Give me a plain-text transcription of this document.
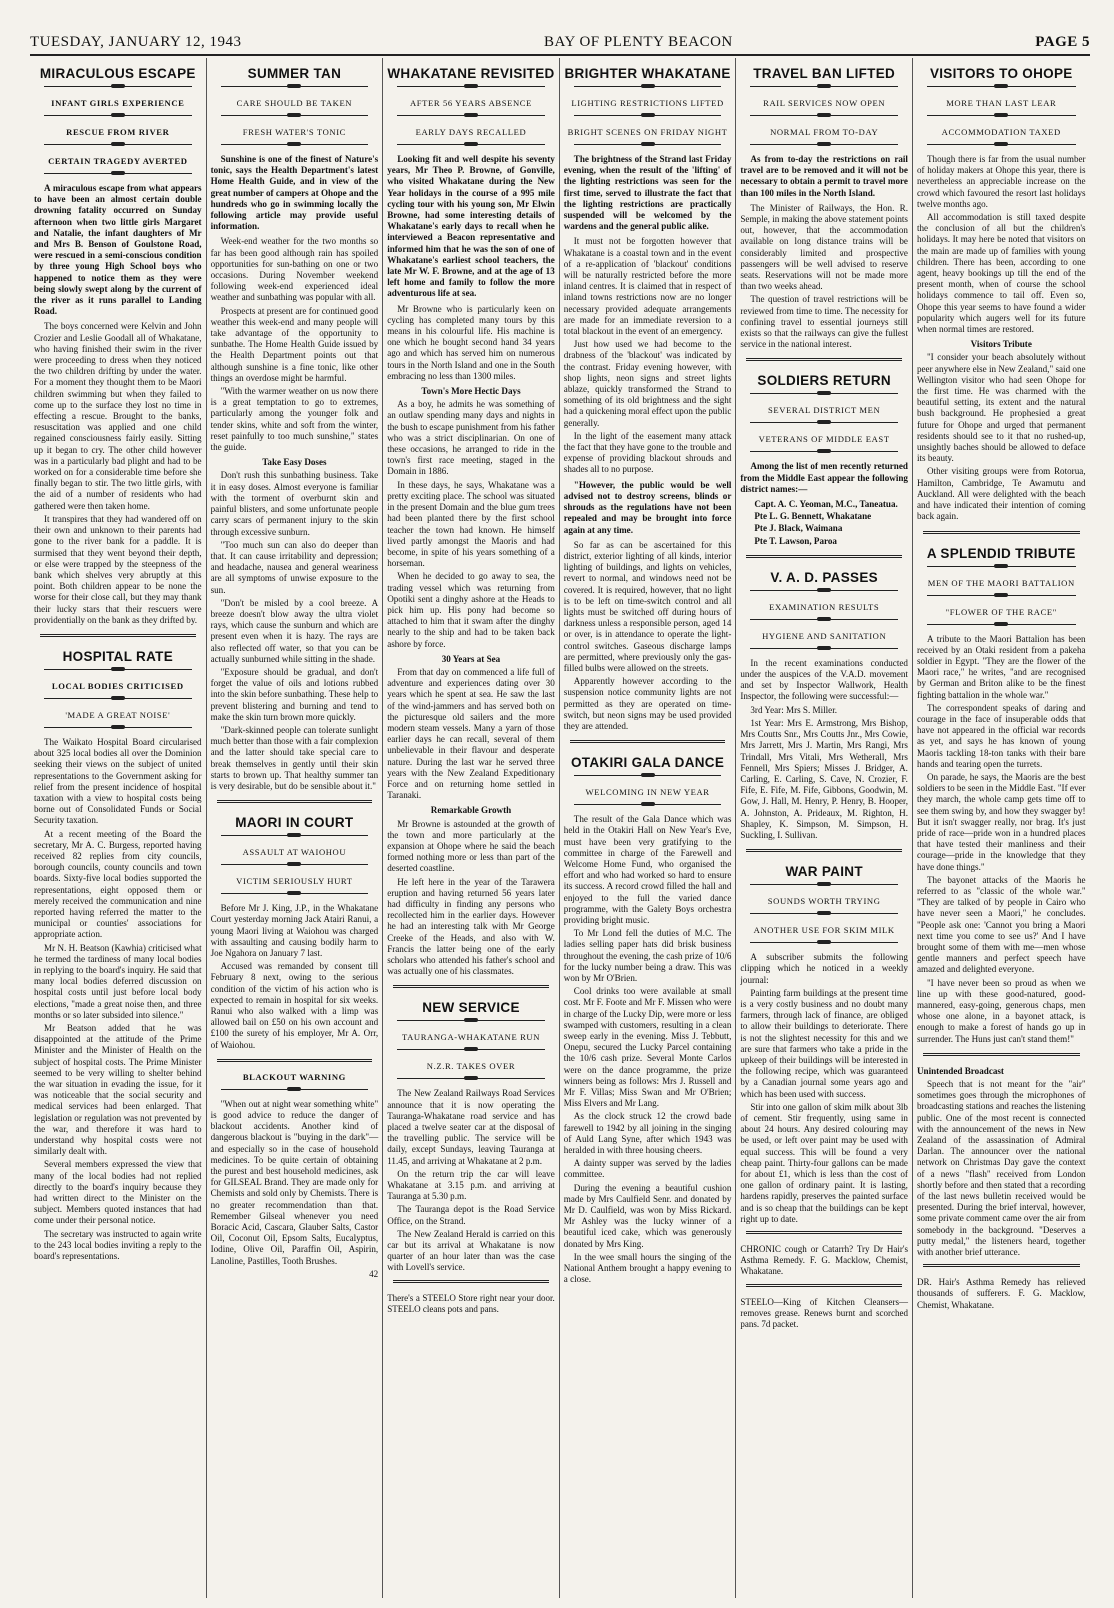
TUESDAY, JANUARY 12, 1943	BAY OF PLENTY BEACON	PAGE 5
MIRACULOUS ESCAPE
INFANT GIRLS EXPERIENCE
RESCUE FROM RIVER
CERTAIN TRAGEDY AVERTED
A miraculous escape from what appears to have been an almost certain double drowning fatality occurred on Sunday afternoon when two little girls Margaret and Natalie, the infant daughters of Mr and Mrs B. Benson of Goulstone Road, were rescued in a semi-conscious condition by three young High School boys who happened to notice them as they were being slowly swept along by the current of the river as it runs parallel to Landing Road.
The boys concerned were Kelvin and John Crozier and Leslie Goodall all of Whakatane, who having finished their swim in the river were proceeding to dress when they noticed the two children drifting by under the water. For a moment they thought them to be Maori children swimming but when they failed to come up to the surface they lost no time in effecting a rescue. Brought to the banks, resuscitation was applied and one child regained consciousness fairly easily. Sitting up it began to cry. The other child however was in a particularly bad plight and had to be worked on for a considerable time before she finally began to stir. The two little girls, with the aid of a number of residents who had gathered were then taken home.
It transpires that they had wandered off on their own and unknown to their parents had gone to the river bank for a paddle. It is surmised that they went beyond their depth, or else were trapped by the steepness of the bank which shelves very abruptly at this point. Both children appear to be none the worse for their close call, but they may thank their lucky stars that their rescuers were providentially on the bank as they drifted by.
HOSPITAL RATE
LOCAL BODIES CRITICISED
'MADE A GREAT NOISE'
The Waikato Hospital Board circularised about 325 local bodies all over the Dominion seeking their views on the subject of united representations to the Government asking for relief from the present incidence of hospital taxation with a view to hospital costs being borne out of Consolidated Funds or Social Security taxation.
At a recent meeting of the Board the secretary, Mr A. C. Burgess, reported having received 82 replies from city councils, borough councils, county councils and town boards. Sixty-five local bodies supported the representations, eight opposed them or merely received the communication and nine reported having referred the matter to the municipal or counties' associations for appropriate action.
Mr N. H. Beatson (Kawhia) criticised what he termed the tardiness of many local bodies in replying to the board's inquiry. He said that many local bodies deferred discussion on hospital costs until just before local body elections, "made a great noise then, and three months or so later subsided into silence."
Mr Beatson added that he was disappointed at the attitude of the Prime Minister and the Minister of Health on the subject of hospital costs. The Prime Minister seemed to be very willing to shelter behind the war situation in evading the issue, for it was noticeable that the social security and medical services had been enlarged. That legislation or regulation was not prevented by the war, and therefore it was hard to understand why hospital costs were not similarly dealt with.
Several members expressed the view that many of the local bodies had not replied directly to the board's inquiry because they had written direct to the Minister on the subject. Members quoted instances that had come under their personal notice.
The secretary was instructed to again write to the 243 local bodies inviting a reply to the board's representations.
SUMMER TAN
CARE SHOULD BE TAKEN
FRESH WATER'S TONIC
Sunshine is one of the finest of Nature's tonic, says the Health Department's latest Home Health Guide, and in view of the great number of campers at Ohope and the hundreds who go in swimming locally the following article may provide useful information.
Week-end weather for the two months so far has been good although rain has spoiled opportunities for sun-bathing on one or two occasions. During November weekend following week-end experienced ideal weather and sunbathing was popular with all.
Prospects at present are for continued good weather this week-end and many people will take advantage of the opportunity to sunbathe. The Home Health Guide issued by the Health Department points out that although sunshine is a fine tonic, like other things an overdose might be harmful.
"With the warmer weather on us now there is a great temptation to go to extremes, particularly among the younger folk and tender skins, white and soft from the winter, reset painfully to too much sunshine," states the guide.
Take Easy Doses
Don't rush this sunbathing business. Take it in easy doses. Almost everyone is familiar with the torment of overburnt skin and painful blisters, and some unfortunate people carry scars of permanent injury to the skin through excessive sunburn.
"Too much sun can also do deeper than that. It can cause irritability and depression; and headache, nausea and general weariness are all symptoms of unwise exposure to the sun.
"Don't be misled by a cool breeze. A breeze doesn't blow away the ultra violet rays, which cause the sunburn and which are present even when it is hazy. The rays are also reflected off water, so that you can be actually sunburned while sitting in the shade.
"Exposure should be gradual, and don't forget the value of oils and lotions rubbed into the skin before sunbathing. These help to prevent blistering and burning and tend to make the skin turn brown more quickly.
"Dark-skinned people can tolerate sunlight much better than those with a fair complexion and the latter should take special care to break themselves in gently until their skin starts to brown up. That healthy summer tan is very desirable, but do be sensible about it."
MAORI IN COURT
ASSAULT AT WAIOHOU
VICTIM SERIOUSLY HURT
Before Mr J. King, J.P., in the Whakatane Court yesterday morning Jack Atairi Ranui, a young Maori living at Waiohou was charged with assaulting and causing bodily harm to Joe Ngahora on January 7 last.
Accused was remanded by consent till February 8 next, owing to the serious condition of the victim of his action who is expected to remain in hospital for six weeks. Ranui who also walked with a limp was allowed bail on £50 on his own account and £100 the surety of his employer, Mr A. Orr, of Waiohou.
BLACKOUT WARNING
"When out at night wear something white" is good advice to reduce the danger of blackout accidents. Another kind of dangerous blackout is "buying in the dark"— and especially so in the case of household medicines. To be quite certain of obtaining the purest and best household medicines, ask for GILSEAL Brand. They are made only for Chemists and sold only by Chemists. There is no greater recommendation than that. Remember Gilseal whenever you need Boracic Acid, Cascara, Glauber Salts, Castor Oil, Coconut Oil, Epsom Salts, Eucalyptus, Iodine, Olive Oil, Paraffin Oil, Aspirin, Lanoline, Pastilles, Tooth Brushes.
42
WHAKATANE REVISITED
AFTER 56 YEARS ABSENCE
EARLY DAYS RECALLED
Looking fit and well despite his seventy years, Mr Theo P. Browne, of Gonville, who visited Whakatane during the New Year holidays in the course of a 995 mile cycling tour with his young son, Mr Elwin Browne, had some interesting details of Whakatane's early days to recall when he interviewed a Beacon representative and informed him that he was the son of one of Whakatane's earliest school teachers, the late Mr W. F. Browne, and at the age of 13 left home and family to follow the more adventurous life at sea.
Mr Browne who is particularly keen on cycling has completed many tours by this means in his colourful life. His machine is one which he bought second hand 34 years ago and which has served him on numerous tours in the North Island and one in the South embracing no less than 1300 miles.
Town's More Hectic Days
As a boy, he admits he was something of an outlaw spending many days and nights in the bush to escape punishment from his father who was a strict disciplinarian. On one of these occasions, he arranged to ride in the town's first race meeting, staged in the Domain in 1886.
In these days, he says, Whakatane was a pretty exciting place. The school was situated in the present Domain and the blue gum trees had been planted there by the first school teacher the town had known. He himself lived partly amongst the Maoris and had become, in spite of his years something of a horseman.
When he decided to go away to sea, the trading vessel which was returning from Opotiki sent a dinghy ashore at the Heads to pick him up. His pony had become so attached to him that it swam after the dinghy nearly to the ship and had to be taken back ashore by force.
30 Years at Sea
From that day on commenced a life full of adventure and experiences dating over 30 years which he spent at sea. He saw the last of the wind-jammers and has served both on the picturesque old sailers and the more modern steam vessels. Many a yarn of those earlier days he can recall, several of them unbelievable in their flavour and desperate nature. During the last war he served three years with the New Zealand Expeditionary Force and on returning home settled in Taranaki.
Remarkable Growth
Mr Browne is astounded at the growth of the town and more particularly at the expansion at Ohope where he said the beach formed nothing more or less than part of the deserted coastline.
He left here in the year of the Tarawera eruption and having returned 56 years later had difficulty in finding any persons who recollected him in the earlier days. However he had an interesting talk with Mr George Creeke of the Heads, and also with W. Francis the latter being one of the early scholars who attended his father's school and was actually one of his classmates.
NEW SERVICE
TAURANGA-WHAKATANE RUN
N.Z.R. TAKES OVER
The New Zealand Railways Road Services announce that it is now operating the Tauranga-Whakatane road service and has placed a twelve seater car at the disposal of the travelling public. The service will be daily, except Sundays, leaving Tauranga at 11.45, and arriving at Whakatane at 2 p.m.
On the return trip the car will leave Whakatane at 3.15 p.m. and arriving at Tauranga at 5.30 p.m.
The Tauranga depot is the Road Service Office, on the Strand.
The New Zealand Herald is carried on this car but its arrival at Whakatane is now quarter of an hour later than was the case with Lovell's service.
There's a STEELO Store right near your door. STEELO cleans pots and pans.
BRIGHTER WHAKATANE
LIGHTING RESTRICTIONS LIFTED
BRIGHT SCENES ON FRIDAY NIGHT
The brightness of the Strand last Friday evening, when the result of the 'lifting' of the lighting restrictions was seen for the first time, served to illustrate the fact that the lighting restrictions are practically suspended will be welcomed by the wardens and the general public alike.
It must not be forgotten however that Whakatane is a coastal town and in the event of a re-application of 'blackout' conditions will be naturally restricted before the more inland centres. It is claimed that in respect of inland towns restrictions now are no longer necessary provided adequate arrangements are made for an immediate reversion to a total blackout in the event of an emergency.
Just how used we had become to the drabness of the 'blackout' was indicated by the contrast. Friday evening however, with shop lights, neon signs and street lights ablaze, quickly transformed the Strand to something of its old brightness and the sight had a quickening moral effect upon the public generally.
In the light of the easement many attack the fact that they have gone to the trouble and expense of providing blackout shrouds and shades all to no purpose.
"However, the public would be well advised not to destroy screens, blinds or shrouds as the regulations have not been repealed and may be brought into force again at any time.
So far as can be ascertained for this district, exterior lighting of all kinds, interior lighting of buildings, and lights on vehicles, revert to normal, and windows need not be covered. It is required, however, that no light is to be left on time-switch control and all lights must be switched off during hours of darkness unless a responsible person, aged 14 or over, is in attendance to operate the light-control switches. Gaseous discharge lamps are permitted, where previously only the gas-filled bulbs were allowed on the streets.
Apparently however according to the suspension notice community lights are not permitted as they are operated on time-switch, but neon signs may be used provided they are attended.
OTAKIRI GALA DANCE
WELCOMING IN NEW YEAR
The result of the Gala Dance which was held in the Otakiri Hall on New Year's Eve, must have been very gratifying to the committee in charge of the Farewell and Welcome Home Fund, who organised the effort and who had worked so hard to ensure its success. A record crowd filled the hall and enjoyed to the full the varied dance programme, with the Galety Boys orchestra providing bright music.
To Mr Lond fell the duties of M.C. The ladies selling paper hats did brisk business throughout the evening, the cash prize of 10/6 for the lucky number being a draw. This was won by Mr O'Brien.
Cool drinks too were available at small cost. Mr F. Foote and Mr F. Missen who were in charge of the Lucky Dip, were more or less swamped with customers, resulting in a clean sweep early in the evening. Miss J. Tebbutt, Onepu, secured the Lucky Parcel containing the 10/6 cash prize. Several Monte Carlos were on the dance programme, the prize winners being as follows: Mrs J. Russell and Mr F. Villas; Miss Swan and Mr O'Brien; Miss Elvers and Mr Lang.
As the clock struck 12 the crowd bade farewell to 1942 by all joining in the singing of Auld Lang Syne, after which 1943 was heralded in with three housing cheers.
A dainty supper was served by the ladies committee.
During the evening a beautiful cushion made by Mrs Caulfield Senr. and donated by Mr D. Caulfield, was won by Miss Rickard. Mr Ashley was the lucky winner of a beautiful iced cake, which was generously donated by Mrs King.
In the wee small hours the singing of the National Anthem brought a happy evening to a close.
TRAVEL BAN LIFTED
RAIL SERVICES NOW OPEN
NORMAL FROM TO-DAY
As from to-day the restrictions on rail travel are to be removed and it will not be necessary to obtain a permit to travel more than 100 miles in the North Island.
The Minister of Railways, the Hon. R. Semple, in making the above statement points out, however, that the accommodation available on long distance trains will be considerably limited and prospective passengers will be well advised to reserve seats. Reservations will not be made more than two weeks ahead.
The question of travel restrictions will be reviewed from time to time. The necessity for confining travel to essential journeys still exists so that the railways can give the fullest service in the national interest.
SOLDIERS RETURN
SEVERAL DISTRICT MEN
VETERANS OF MIDDLE EAST
Among the list of men recently returned from the Middle East appear the following district names:—
Capt. A. C. Yeoman, M.C., Taneatua.
Pte L. G. Bennett, Whakatane
Pte J. Black, Waimana
Pte T. Lawson, Paroa
V. A. D. PASSES
EXAMINATION RESULTS
HYGIENE AND SANITATION
In the recent examinations conducted under the auspices of the V.A.D. movement and set by Inspector Wallwork, Health Inspector, the following were successful:—
3rd Year: Mrs S. Miller.
1st Year: Mrs E. Armstrong, Mrs Bishop, Mrs Coutts Snr., Mrs Coutts Jnr., Mrs Cowie, Mrs Jarrett, Mrs J. Martin, Mrs Rangi, Mrs Trindall, Mrs Vitali, Mrs Wetherall, Mrs Fennell, Mrs Spiers; Misses J. Bridger, A. Carling, E. Carling, S. Cave, N. Crozier, F. Fife, E. Fife, M. Fife, Gibbons, Goodwin, M. Gow, J. Hall, M. Henry, P. Henry, B. Hooper, A. Johnston, A. Prideaux, M. Righton, H. Shapley, K. Simpson, M. Simpson, H. Suckling, I. Sullivan.
WAR PAINT
SOUNDS WORTH TRYING
ANOTHER USE FOR SKIM MILK
A subscriber submits the following clipping which he noticed in a weekly journal:
Painting farm buildings at the present time is a very costly business and no doubt many farmers, through lack of finance, are obliged to allow their buildings to deteriorate. There is not the slightest necessity for this and we are sure that farmers who take a pride in the upkeep of their buildings will be interested in the following recipe, which was guaranteed by a Canadian journal some years ago and which has been used with success.
Stir into one gallon of skim milk about 3lb of cement. Stir frequently, using same in about 24 hours. Any desired colouring may be used, or left over paint may be used with equal success. This will be found a very cheap paint. Thirty-four gallons can be made for about £1, which is less than the cost of one gallon of ordinary paint. It is lasting, hardens rapidly, preserves the painted surface and is so cheap that the buildings can be kept right up to date.
CHRONIC cough or Catarrh? Try Dr Hair's Asthma Remedy. F. G. Macklow, Chemist, Whakatane.
STEELO—King of Kitchen Cleansers—removes grease. Renews burnt and scorched pans. 7d packet.
VISITORS TO OHOPE
MORE THAN LAST LEAR
ACCOMMODATION TAXED
Though there is far from the usual number of holiday makers at Ohope this year, there is nevertheless an appreciable increase on the crowd which favoured the resort last holidays twelve months ago.
All accommodation is still taxed despite the conclusion of all but the children's holidays. It may here be noted that visitors on the main are made up of families with young children. There has been, according to one agent, heavy bookings up till the end of the present month, when of course the school holidays commence to tail off. Even so, Ohope this year seems to have found a wider popularity which augers well for its future when normal times are restored.
Visitors Tribute
"I consider your beach absolutely without peer anywhere else in New Zealand," said one Wellington visitor who had seen Ohope for the first time. He was charmed with the beautiful setting, its extent and the natural bush background. He prophesied a great future for Ohope and urged that permanent residents should see to it that no rushed-up, unsightly baches should be allowed to deface its beauty.
Other visiting groups were from Rotorua, Hamilton, Cambridge, Te Awamutu and Auckland. All were delighted with the beach and have indicated their intention of coming back again.
A SPLENDID TRIBUTE
MEN OF THE MAORI BATTALION
"FLOWER OF THE RACE"
A tribute to the Maori Battalion has been received by an Otaki resident from a pakeha soldier in Egypt. "They are the flower of the Maori race," he writes, "and are recognised by German and Briton alike to be the finest fighting battalion in the whole war."
The correspondent speaks of daring and courage in the face of insuperable odds that have not appeared in the official war records as yet, and says he has known of young Maoris tackling 18-ton tanks with their bare hands and tearing open the turrets.
On parade, he says, the Maoris are the best soldiers to be seen in the Middle East. "If ever they march, the whole camp gets time off to see them swing by, and how they swagger by! But it isn't swagger really, nor brag. It's just pride of race—pride won in a hundred places that have tested their manliness and their courage—pride in the knowledge that they have done things."
The bayonet attacks of the Maoris he referred to as "classic of the whole war." "They are talked of by people in Cairo who have never seen a Maori," he concludes. "People ask one: 'Cannot you bring a Maori next time you come to see us?' And I have brought some of them with me—men whose gentle manners and perfect speech have amazed and delighted everyone.
"I have never been so proud as when we line up with these good-natured, good-mannered, easy-going, generous chaps, men whose one alone, in a bayonet attack, is enough to make a forest of hands go up in surrender. The Huns just can't stand them!"
Unintended Broadcast
Speech that is not meant for the "air" sometimes goes through the microphones of broadcasting stations and reaches the listening public. One of the most recent is connected with the announcement of the news in New Zealand of the assassination of Admiral Darlan. The announcer over the national network on Christmas Day gave the context of a news "flash" received from London shortly before and then stated that a recording of the last news bulletin received would be presented. During the brief interval, however, some private comment came over the air from somebody in the background. "Deserves a putty medal," the listeners heard, together with another brief utterance.
DR. Hair's Asthma Remedy has relieved thousands of sufferers. F. G. Macklow, Chemist, Whakatane.
